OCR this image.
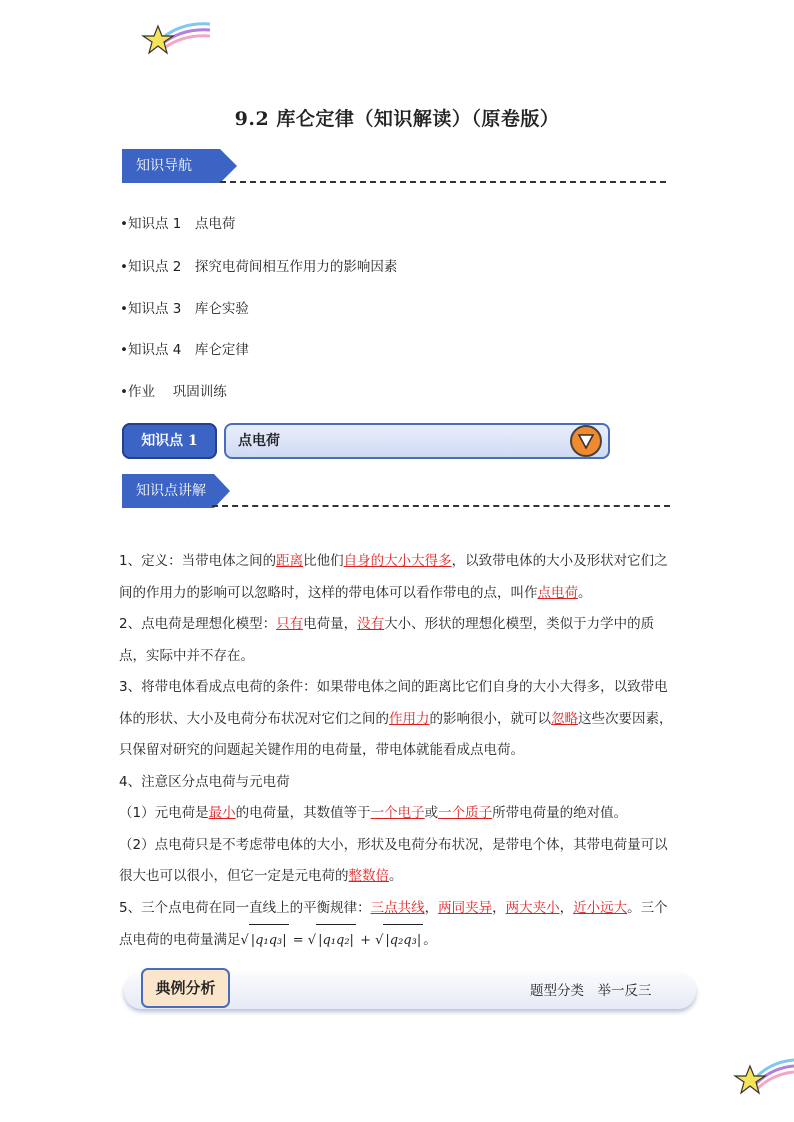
9.2 库仑定律（知识解读）（原卷版）
知识导航
•知识点 1　点电荷
•知识点 2　探究电荷间相互作用力的影响因素
•知识点 3　库仑实验
•知识点 4　库仑定律
•作业　 巩固训练
知识点 1	点电荷
知识点讲解

1、定义：当带电体之间的距离比他们自身的大小大得多，以致带电体的大小及形状对它们之间的作用力的影响可以忽略时，这样的带电体可以看作带电的点，叫作点电荷。

2、点电荷是理想化模型：只有电荷量，没有大小、形状的理想化模型，类似于力学中的质点，实际中并不存在。

3、将带电体看成点电荷的条件：如果带电体之间的距离比它们自身的大小大得多，以致带电体的形状、大小及电荷分布状况对它们之间的作用力的影响很小，就可以忽略这些次要因素，只保留对研究的问题起关键作用的电荷量，带电体就能看成点电荷。

4、注意区分点电荷与元电荷

（1）元电荷是最小的电荷量，其数值等于一个电子或一个质子所带电荷量的绝对值。

（2）点电荷只是不考虑带电体的大小，形状及电荷分布状况，是带电个体，其带电荷量可以很大也可以很小，但它一定是元电荷的整数倍。

5、三个点电荷在同一直线上的平衡规律：三点共线，两同夹异，两大夹小，近小远大。三个点电荷的电荷量满足√ |q₁q₃| = √ |q₁q₂| + √ |q₂q₃| 。

典例分析	题型分类　举一反三
